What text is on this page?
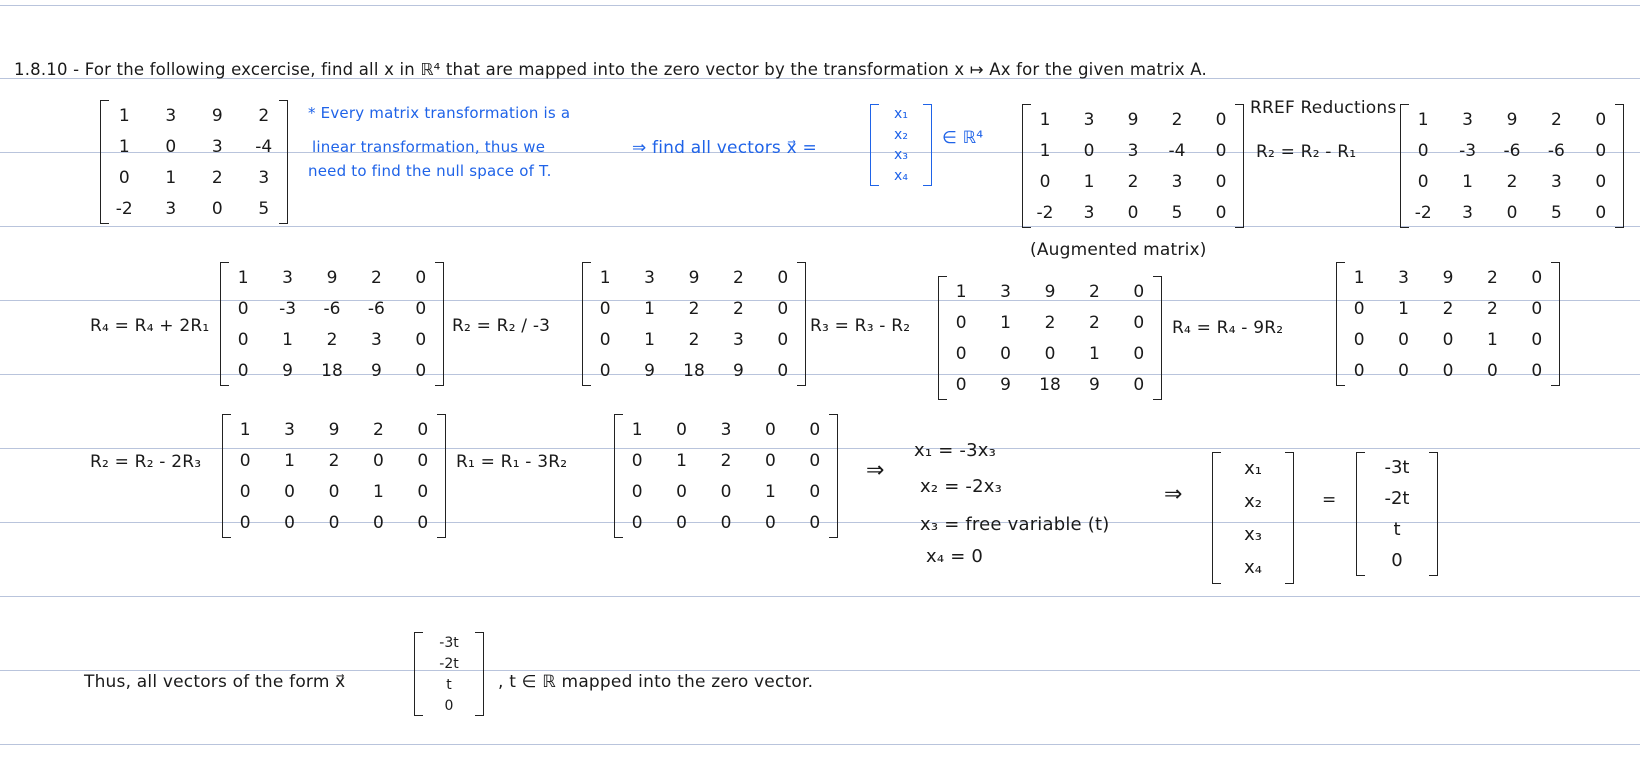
1.8.10 - For the following excercise, find all x in ℝ⁴ that are mapped into the zero vector by the transformation x ↦ Ax for the given matrix A.
1 3 9 2
1 0 3 -4
0 1 2 3
-2 3 0 5
* Every matrix transformation is a
linear transformation, thus we
need to find the null space of T.
⇒ find all vectors x⃗ =
x₁
x₂
x₃
x₄
∈ ℝ⁴
1 3 9 2 0
1 0 3 -4 0
0 1 2 3 0
-2 3 0 5 0
(Augmented matrix)
RREF Reductions
R₂ = R₂ - R₁
1 3 9 2 0
0 -3 -6 -6 0
0 1 2 3 0
-2 3 0 5 0
R₄ = R₄ + 2R₁
1 3 9 2 0
0 -3 -6 -6 0
0 1 2 3 0
0 9 18 9 0
R₂ = R₂ / -3
1 3 9 2 0
0 1 2 2 0
0 1 2 3 0
0 9 18 9 0
R₃ = R₃ - R₂
1 3 9 2 0
0 1 2 2 0
0 0 0 1 0
0 9 18 9 0
R₄ = R₄ - 9R₂
1 3 9 2 0
0 1 2 2 0
0 0 0 1 0
0 0 0 0 0
R₂ = R₂ - 2R₃
1 3 9 2 0
0 1 2 0 0
0 0 0 1 0
0 0 0 0 0
R₁ = R₁ - 3R₂
1 0 3 0 0
0 1 2 0 0
0 0 0 1 0
0 0 0 0 0
⇒
x₁ = -3x₃
x₂ = -2x₃
x₃ = free variable (t)
x₄ = 0
⇒
x₁
x₂
x₃
x₄
=
-3t
-2t
t
0
Thus, all vectors of the form x⃗
-3t
-2t
t
0
, t ∈ ℝ mapped into the zero vector.
